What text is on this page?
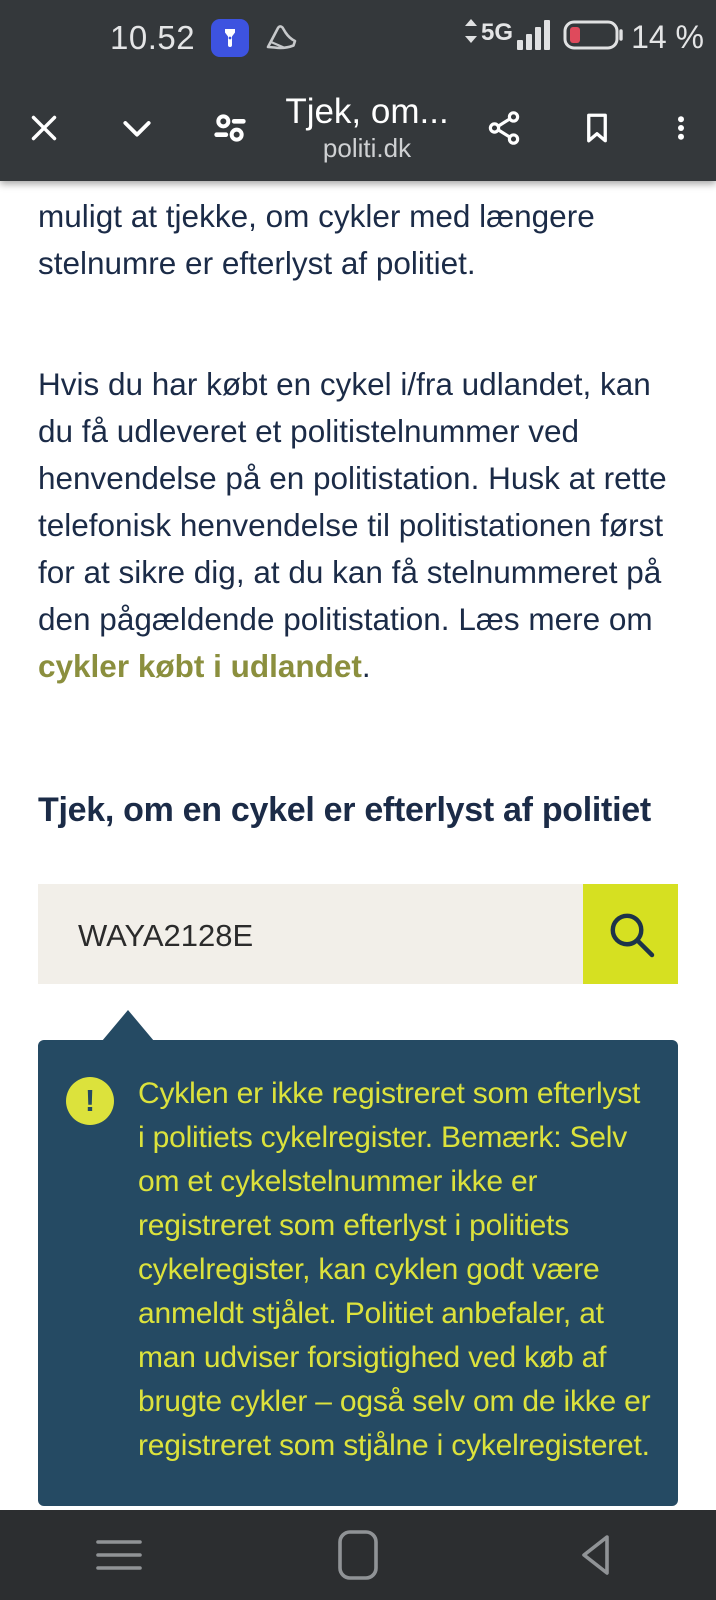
10.52	5G	14 %
Tjek, om...
politi.dk

muligt at tjekke, om cykler med længere stelnumre er efterlyst af politiet.

Hvis du har købt en cykel i/fra udlandet, kan du få udleveret et politistelnummer ved henvendelse på en politistation. Husk at rette telefonisk henvendelse til politistationen først for at sikre dig, at du kan få stelnummeret på den pågældende politistation. Læs mere om cykler købt i udlandet.

Tjek, om en cykel er efterlyst af politiet
WAYA2128E
!	Cyklen er ikke registreret som efterlyst i politiets cykelregister. Bemærk: Selv om et cykelstelnummer ikke er registreret som efterlyst i politiets cykelregister, kan cyklen godt være anmeldt stjålet. Politiet anbefaler, at man udviser forsigtighed ved køb af brugte cykler – også selv om de ikke er registreret som stjålne i cykelregisteret.
